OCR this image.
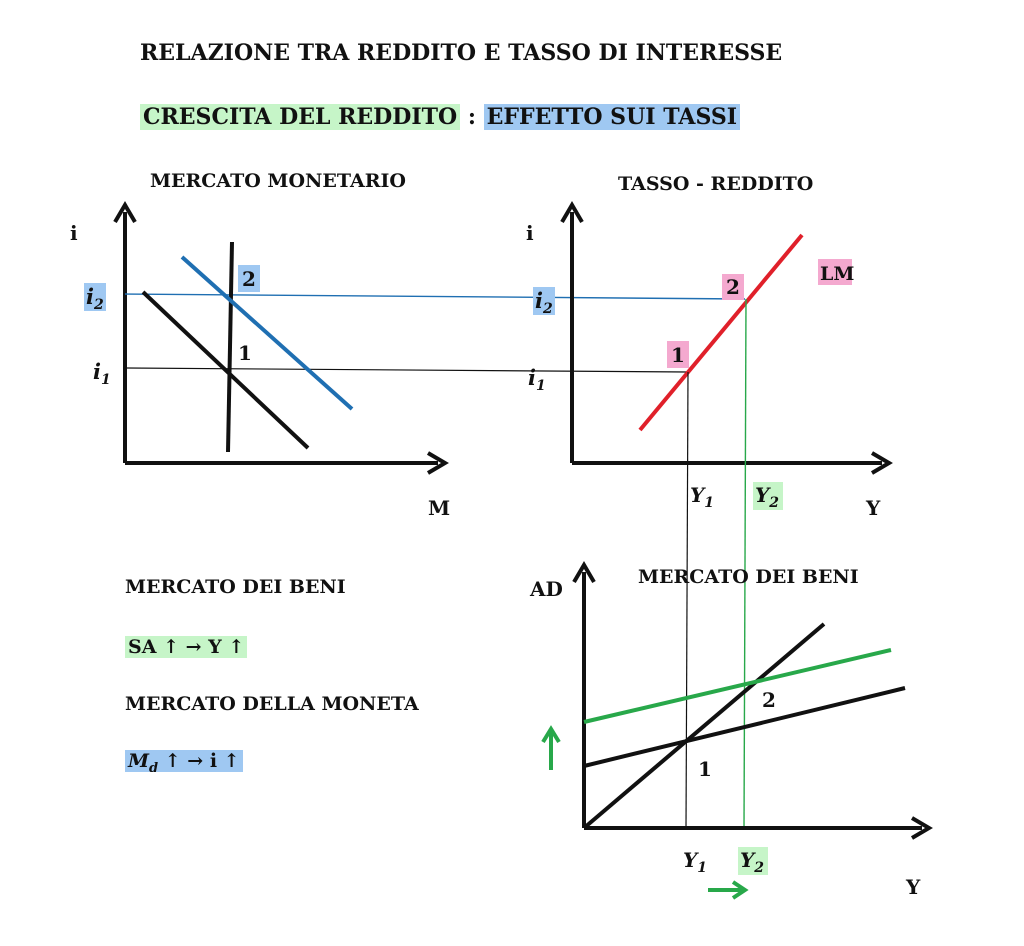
RELAZIONE TRA REDDITO E TASSO DI INTERESSE
CRESCITA DEL REDDITO : EFFETTO SUI TASSI
MERCATO DEI BENI
SA ↑ → Y ↑
MERCATO DELLA MONETA
$M_d$ ↑ → i ↑
MERCATO MONETARIO
i
M
$i_2$
$i_1$
2
1
TASSO - REDDITO
i
Y
LM
$i_2$
$i_1$
2
1
$Y_1$ $Y_2$
MERCATO DEI BENI
AD
Y
2
1
$Y_1$ $Y_2$
